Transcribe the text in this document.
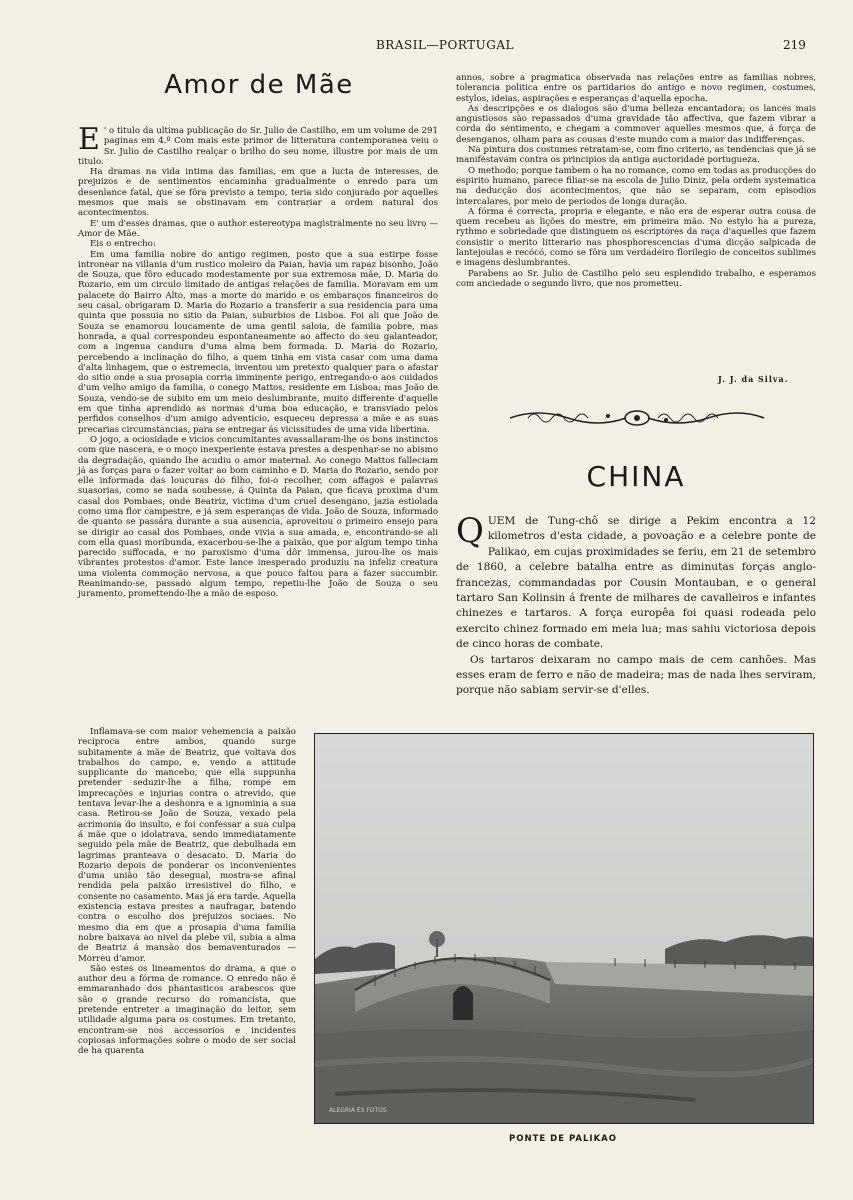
BRASIL—PORTUGAL	219
Amor de Mãe

E ' o titulo da ultima publicação do Sr. Julio de Castilho, em um volume de 291 paginas em 4.º Com mais este primor de litteratura contemporanea veiu o Sr. Julio de Castilho realçar o brilho do seu nome, illustre por mais de um titulo.

Ha dramas na vida intima das familias, em que a lucta de interesses, de prejuizos e de sentimentos encaminha gradualmente o enredo para um desenlance fatal, que se fôra previsto a tempo, teria sido conjurado por aquelles mesmos que mais se obstinavam em contrariar a ordem natural dos acontecimentos.

E' um d'esses dramas, que o author estereotypa magistralmente no seu livro — Amor de Mãe.

Eis o entrecho:

Em uma familia nobre do antigo regimen, posto que a sua estirpe fosse intronear na villania d'um rustico moleiro da Paian, havia um rapaz bisonho, João de Souza, que fôro educado modestamente por sua extremosa mãe, D. Maria do Rozario, em um circulo limitado de antigas relações de familia. Moravam em um palacete do Bairro Alto, mas a morte do marido e os embaraços financeiros do seu casal, obrigaram D. Maria do Rozario a transferir a sua residencia para uma quinta que possuia no sitio da Paian, suburbios de Lisboa. Foi ali que João de Souza se enamorou loucamente de uma gentil saloia, de familia pobre, mas honrada, a qual correspondeu espontaneamente ao affecto do seu galanteador, com a ingenua candura d'uma alma bem formada. D. Maria do Rozario, percebendo a inclinação do filho, a quem tinha em vista casar com uma dama d'alta linhagem, que o estremecia, inventou um pretexto qualquer para o afastar do sitio onde a sua prosapia corria imminente perigo, entregando-o aos cuidados d'um velho amigo da familia, o conego Mattos, residente em Lisboa; mas João de Souza, vendo-se de subito em um meio deslumbrante, muito differente d'aquelle em que tinha aprendido as normas d'uma boa educação, e transviado pelos perfidos conselhos d'um amigo adventicio, esqueceu depressa a mãe e as suas precarias circumstancias, para se entregar ás vicissitudes de uma vida libertina.

O jogo, a ociosidade e vicios concumitantes avassallaram-lhe os bons instinctos com que nascera, e o moço inexperiente estava prestes a despenhar-se no abismo da degradação, quando lhe acudiu o amor maternal. Ao conego Mattos falleciam já as forças para o fazer voltar ao bom caminho e D. Maria do Rozario, sendo por elle informada das loucuras do filho, foi-o recolher, com affagos e palavras suasorias, como se nada soubesse, á Quinta da Paian, que ficava proxima d'um casal dos Pombaes, onde Beatriz, victima d'um cruel desengano, jazia estiolada como uma flor campestre, e já sem esperanças de vida. João de Souza, informado de quanto se passára durante a sua ausencia, aproveitou o primeiro ensejo para se dirigir ao casal dos Pombaes, onde vivia a sua amada, e, encontrando-se ali com ella quasi moribunda, exacerbou-se-lhe a paixão, que por algum tempo tinha parecido suffocada, e no paroxismo d'uma dôr immensa, jurou-lhe os mais vibrantes protestos d'amor. Este lance inesperado produziu na infeliz creatura uma violenta commoção nervosa, a que pouco faltou para a fazer succumbir. Reanimando-se, passado algum tempo, repetiu-lhe João de Souza o seu juramento, promettendo-lhe a mão de esposo.

Inflamava-se com maior vehemencia a paixão reciproca entre ambos, quando surge subitamente a mãe de Beatriz, que voltava dos trabalhos do campo, e, vendo a attitude supplicante do mancebo, que ella suppunha pretender seduzir-lhe a filha, rompe em imprecações e injurias contra o atrevido, que tentava levar-lhe a deshonra e a ignominia a sua casa. Retirou-se João de Souza, vexado pela acrimonia do insulto, e foi confessar a sua culpa á mãe que o idolatrava, sendo immediatamente seguido pela mãe de Beatriz, que debulhada em lagrimas pranteava o desacato. D. Maria do Rozario depois de ponderar os inconvenientes d'uma união tão desegual, mostra-se afinal rendida pela paixão irresistivel do filho, e consente no casamento. Mas já era tarde. Aquella existencia estava prestes a naufragar, batendo contra o escolho dos prejuizos sociaes. No mesmo dia em que a prosapia d'uma familia nobre baixava ao nivel da plebe vil, subia a alma de Beatriz á mansão dos bemaventurados — Morreu d'amor.

São estes os lineamentos do drama, a que o author deu a fórma de romance. O enredo não é emmaranhado dos phantasticos arabescos que são o grande recurso do romancista, que pretende entreter a imaginação do leitor, sem utilidade alguma para os costumes. Em tretanto, encontram-se nos accessorios e incidentes copiosas informações sobre o modo de ser social de ha quarenta

annos, sobre a pragmatica observada nas relações entre as familias nobres, tolerancia politica entre os partidarios do antigo e novo regimen, costumes, estylos, ideias, aspirações e esperanças d'aquella epocha.

As descripções e os dialogos são d'uma belleza encantadora; os lances mais angustiosos são repassados d'uma gravidade tão affectiva, que fazem vibrar a corda do sentimento, e chegam a commover aquelles mesmos que, á força de desenganos, olham para as cousas d'este mundo com a maior das indifferenças.

Na pintura dos costumes retratam-se, com fino criterio, as tendencias que já se manifestavam contra os principios da antiga auctoridade portugueza.

O methodo, porque tambem o ha no romance, como em todas as producções do espirito humano, parece filiar-se na escola de Julio Diniz, pela ordem systematica na deducção dos acontecimentos, que não se separam, com episodios intercalares, por meio de periodos de longa duração.

A fórma é correcta, propria e elegante, e não era de esperar outra cousa de quem recebeu as lições do mestre, em primeira mão. No estylo ha a pureza, rythmo e sobriedade que distinguem os escriptores da raça d'aquelles que fazem consistir o merito litterario nas phosphorescencias d'uma dicção salpicada de lantejoulas e recócó, como se fôra um verdadeiro florilegio de conceitos sublimes e imagens deslumbrantes.

Parabens ao Sr. Julio de Castilho pelo seu esplendido trabalho, e esperamos com anciedade o segundo livro, que nos prometteu.

J. J. da Silva.
CHINA

QUEM de Tung-chô se dirige a Pekim encontra a 12 kilometros d'esta cidade, a povoação e a celebre ponte de Palikao, em cujas proximidades se feriu, em 21 de setembro de 1860, a celebre batalha entre as diminutas forças anglo-francezas, commandadas por Cousin Montauban, e o general tartaro San Kolinsin á frente de milhares de cavalleiros e infantes chinezes e tartaros. A força europêa foi quasi rodeada pelo exercito chinez formado em meia lua; mas sahiu victoriosa depois de cinco horas de combate.

Os tartaros deixaram no campo mais de cem canhões. Mas esses eram de ferro e não de madeira; mas de nada lhes serviram, porque não sabiam servir-se d'elles.

ALEGRIA ÉS FOTOS
PONTE DE PALIKAO
